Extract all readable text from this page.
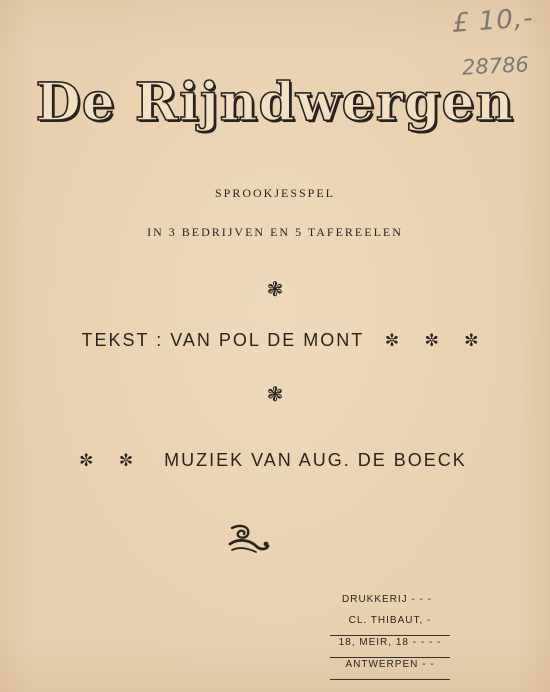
£ 10,-
28786
De Rijndwergen

SPROOKJESSPEL

IN 3 BEDRIJVEN EN 5 TAFEREELEN

❃

TEKST : VAN POL DE MONT ✼ ✼ ✼

❃

✼ ✼ MUZIEK VAN AUG. DE BOECK

DRUKKERIJ - - -
CL. THIBAUT, -
18, MEIR, 18 - - - -
ANTWERPEN - -
